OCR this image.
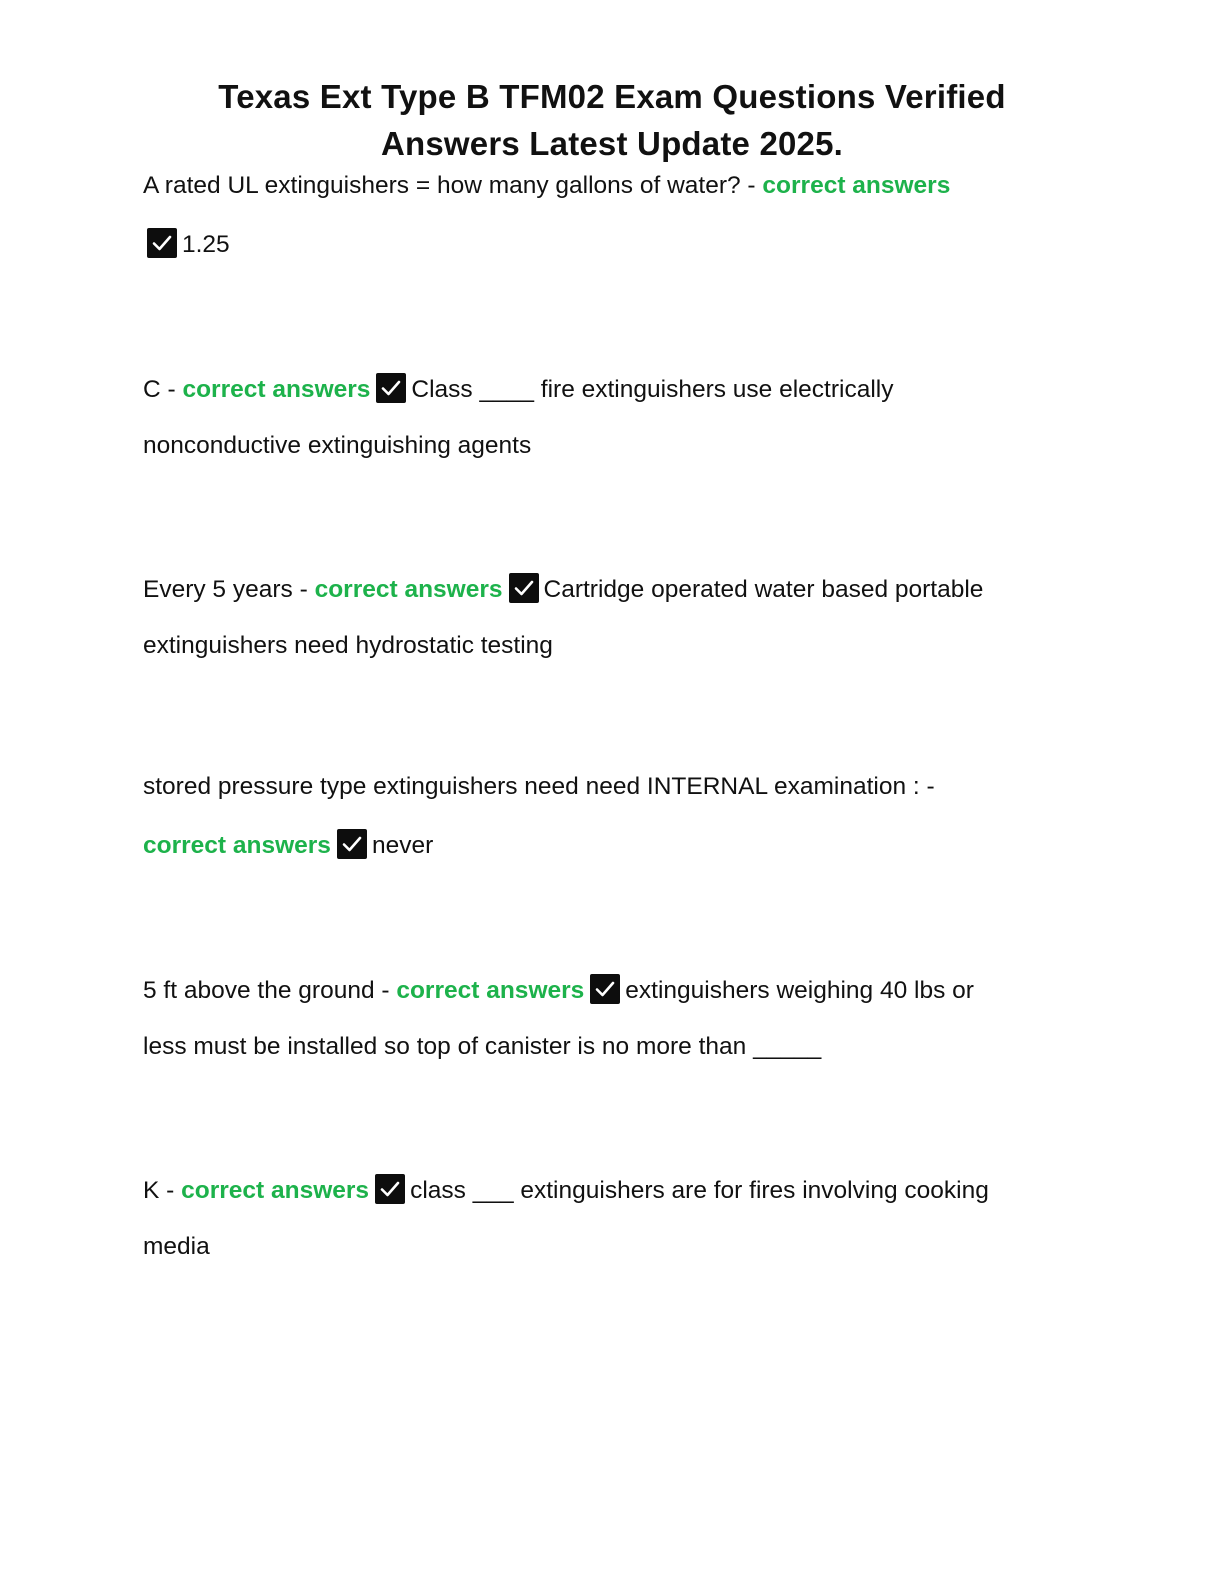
Texas Ext Type B TFM02 Exam Questions Verified
Answers Latest Update 2025.
A rated UL extinguishers = how many gallons of water? - correct answers
1.25
C - correct answers Class ____ fire extinguishers use electrically
nonconductive extinguishing agents
Every 5 years - correct answers Cartridge operated water based portable
extinguishers need hydrostatic testing
stored pressure type extinguishers need need INTERNAL examination : -
correct answers never
5 ft above the ground - correct answers extinguishers weighing 40 lbs or
less must be installed so top of canister is no more than _____
K - correct answers class ___ extinguishers are for fires involving cooking
media
